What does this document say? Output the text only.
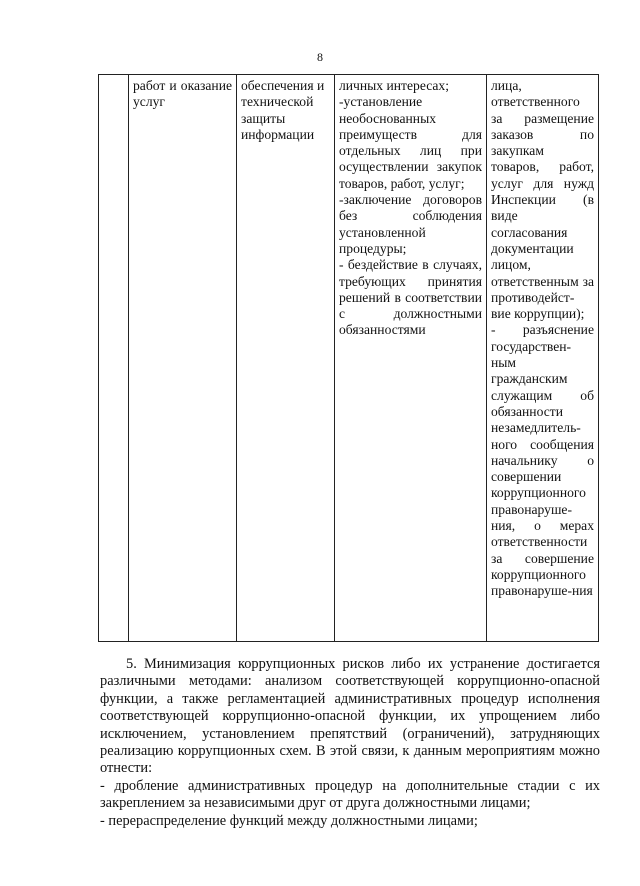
8

работ и оказание услуг

обеспечения и технической защиты информации

личных интересах;
-установление необоснованных преимуществ для отдельных лиц при осуществлении закупок товаров, работ, услуг;
-заключение договоров без соблюдения установленной процедуры;
- бездействие в случаях, требующих принятия решений в соответствии с должностными обязанностями

лица, ответственного за размещение заказов по закупкам товаров, работ, услуг для нужд Инспекции (в виде согласования документации лицом, ответственным за противодейст-вие коррупции);
- разъяснение государствен-ным гражданским служащим об обязанности незамедлитель-ного сообщения начальнику о совершении коррупционного правонаруше-ния, о мерах ответственности за совершение коррупционного правонаруше-ния

5. Минимизация коррупционных рисков либо их устранение достигается различными методами: анализом соответствующей коррупционно-опасной функции, а также регламентацией административных процедур исполнения соответствующей коррупционно-опасной функции, их упрощением либо исключением, установлением препятствий (ограничений), затрудняющих реализацию коррупционных схем. В этой связи, к данным мероприятиям можно отнести:

- дробление административных процедур на дополнительные стадии с их закреплением за независимыми друг от друга должностными лицами;

- перераспределение функций между должностными лицами;
